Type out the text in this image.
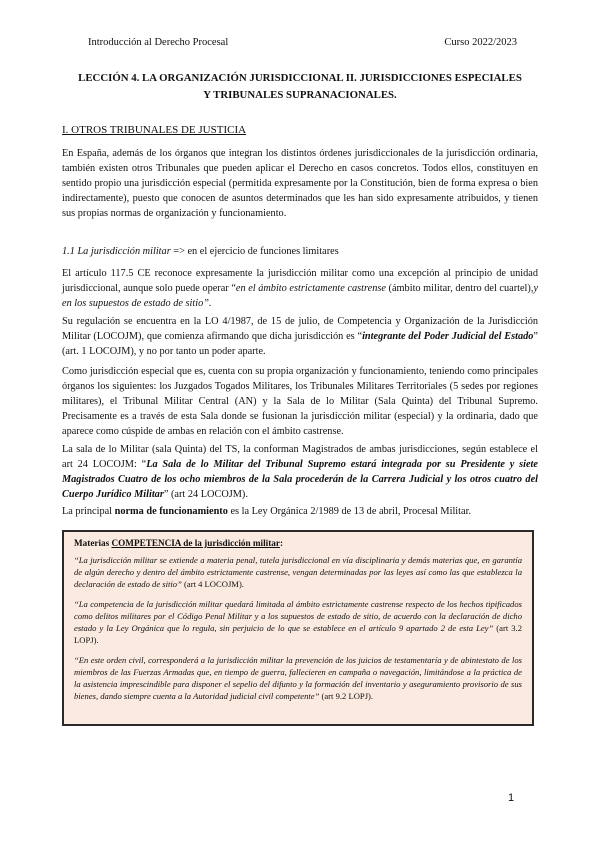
Introducción al Derecho Procesal	Curso 2022/2023
LECCIÓN 4. LA ORGANIZACIÓN JURISDICCIONAL II. JURISDICCIONES ESPECIALES
Y TRIBUNALES SUPRANACIONALES.
I. OTROS TRIBUNALES DE JUSTICIA
En España, además de los órganos que integran los distintos órdenes jurisdiccionales de la jurisdicción ordinaria, también existen otros Tribunales que pueden aplicar el Derecho en casos concretos. Todos ellos, constituyen en sentido propio una jurisdicción especial (permitida expresamente por la Constitución, bien de forma expresa o bien indirectamente), puesto que conocen de asuntos determinados que les han sido expresamente atribuidos, y tienen sus propias normas de organización y funcionamiento.
1.1 La jurisdicción militar => en el ejercicio de funciones limitares
El artículo 117.5 CE reconoce expresamente la jurisdicción militar como una excepción al principio de unidad jurisdiccional, aunque solo puede operar “en el ámbito estrictamente castrense (ámbito militar, dentro del cuartel),y en los supuestos de estado de sitio”.
Su regulación se encuentra en la LO 4/1987, de 15 de julio, de Competencia y Organización de la Jurisdicción Militar (LOCOJM), que comienza afirmando que dicha jurisdicción es “integrante del Poder Judicial del Estado” (art. 1 LOCOJM), y no por tanto un poder aparte.
Como jurisdicción especial que es, cuenta con su propia organización y funcionamiento, teniendo como principales órganos los siguientes: los Juzgados Togados Militares, los Tribunales Militares Territoriales (5 sedes por regiones militares), el Tribunal Militar Central (AN) y la Sala de lo Militar (Sala Quinta) del Tribunal Supremo. Precisamente es a través de esta Sala donde se fusionan la jurisdicción militar (especial) y la ordinaria, dado que aparece como cúspide de ambas en relación con el ámbito castrense.
La sala de lo Militar (sala Quinta) del TS, la conforman Magistrados de ambas jurisdicciones, según establece el art 24 LOCOJM: “La Sala de lo Militar del Tribunal Supremo estará integrada por su Presidente y siete Magistrados Cuatro de los ocho miembros de la Sala procederán de la Carrera Judicial y los otros cuatro del Cuerpo Jurídico Militar” (art 24 LOCOJM).
La principal norma de funcionamiento es la Ley Orgánica 2/1989 de 13 de abril, Procesal Militar.
Materias COMPETENCIA de la jurisdicción militar:
“La jurisdicción militar se extiende a materia penal, tutela jurisdiccional en vía disciplinaria y demás materias que, en garantía de algún derecho y dentro del ámbito estrictamente castrense, vengan determinadas por las leyes así como las que establezca la declaración de estado de sitio” (art 4 LOCOJM).
“La competencia de la jurisdicción militar quedará limitada al ámbito estrictamente castrense respecto de los hechos tipificados como delitos militares por el Código Penal Militar y a los supuestos de estado de sitio, de acuerdo con la declaración de dicho estado y la Ley Orgánica que lo regula, sin perjuicio de lo que se establece en el artículo 9 apartado 2 de esta Ley” (art 3.2 LOPJ).
“En este orden civil, corresponderá a la jurisdicción militar la prevención de los juicios de testamentaría y de abintestato de los miembros de las Fuerzas Armadas que, en tiempo de guerra, fallecieren en campaña o navegación, limitándose a la práctica de la asistencia imprescindible para disponer el sepelio del difunto y la formación del inventario y aseguramiento provisorio de sus bienes, dando siempre cuenta a la Autoridad judicial civil competente” (art 9.2 LOPJ).
1
